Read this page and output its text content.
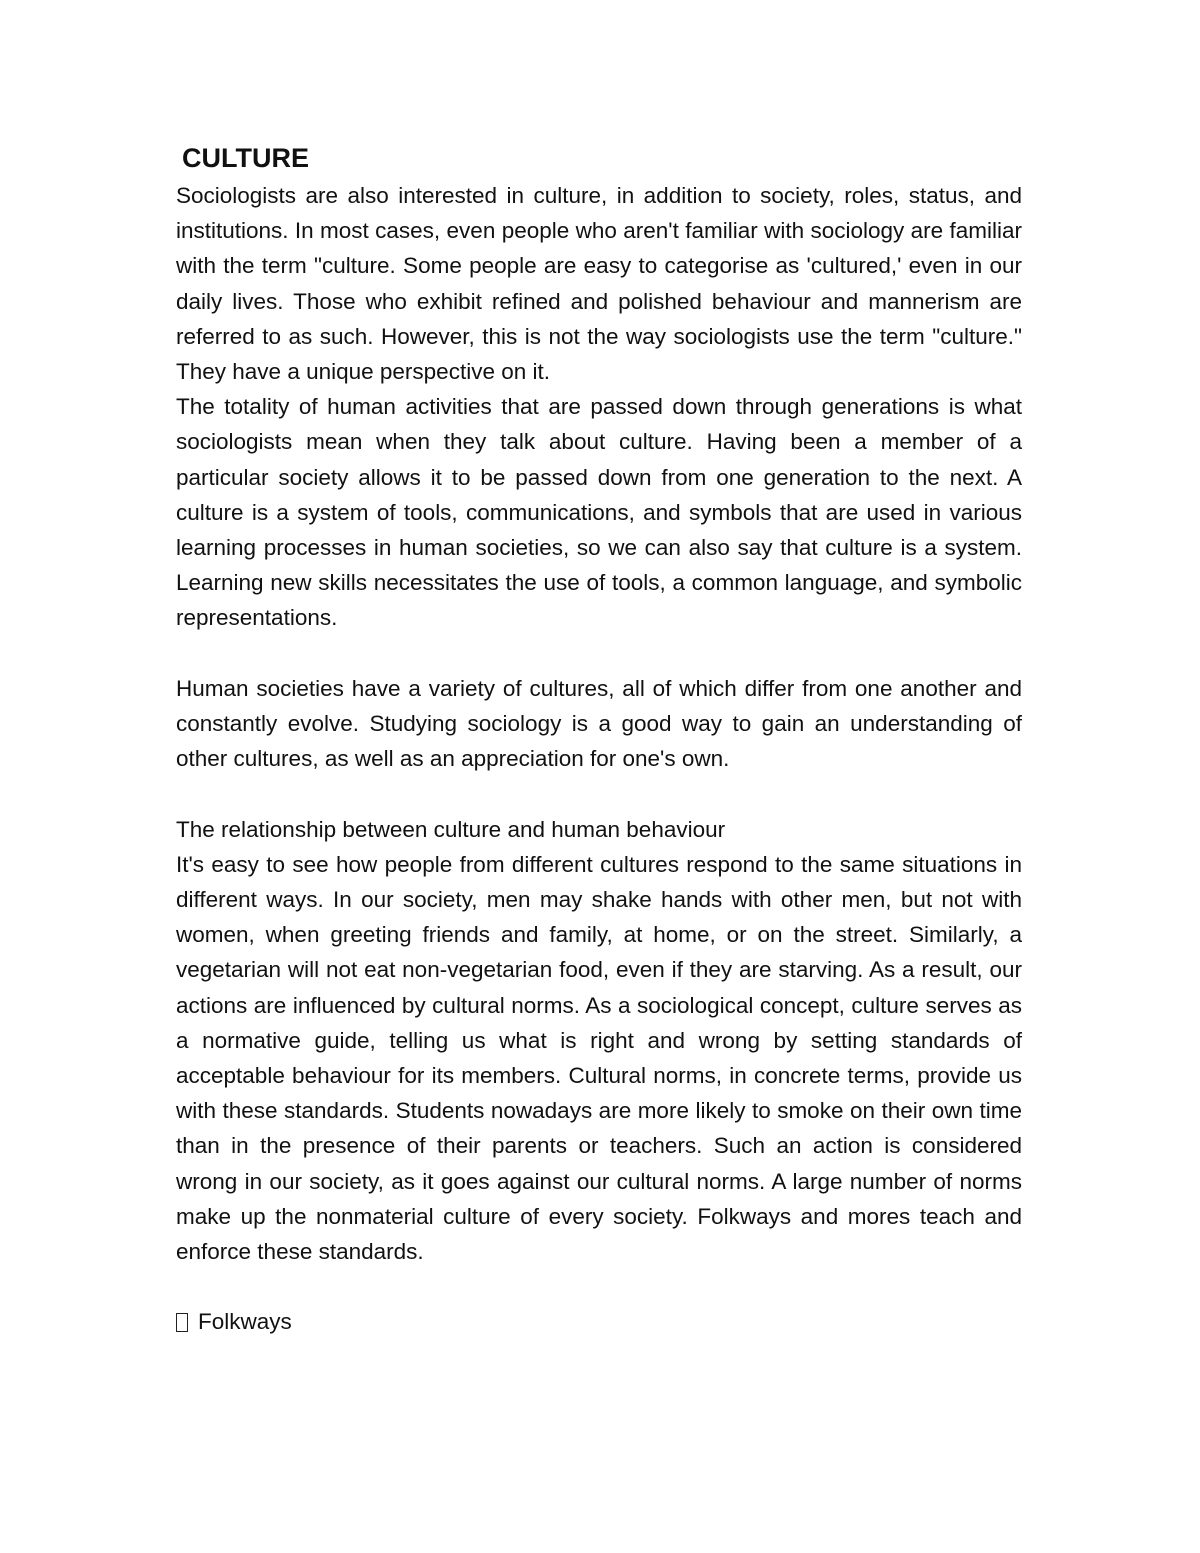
CULTURE

Sociologists are also interested in culture, in addition to society, roles, status, and institutions. In most cases, even people who aren't familiar with sociology are familiar with the term "culture. Some people are easy to categorise as 'cultured,' even in our daily lives. Those who exhibit refined and polished behaviour and mannerism are referred to as such. However, this is not the way sociologists use the term "culture." They have a unique perspective on it.

The totality of human activities that are passed down through generations is what sociologists mean when they talk about culture. Having been a member of a particular society allows it to be passed down from one generation to the next. A culture is a system of tools, communications, and symbols that are used in various learning processes in human societies, so we can also say that culture is a system. Learning new skills necessitates the use of tools, a common language, and symbolic representations.

Human societies have a variety of cultures, all of which differ from one another and constantly evolve. Studying sociology is a good way to gain an understanding of other cultures, as well as an appreciation for one's own.

The relationship between culture and human behaviour

It's easy to see how people from different cultures respond to the same situations in different ways. In our society, men may shake hands with other men, but not with women, when greeting friends and family, at home, or on the street. Similarly, a vegetarian will not eat non-vegetarian food, even if they are starving. As a result, our actions are influenced by cultural norms. As a sociological concept, culture serves as a normative guide, telling us what is right and wrong by setting standards of acceptable behaviour for its members. Cultural norms, in concrete terms, provide us with these standards. Students nowadays are more likely to smoke on their own time than in the presence of their parents or teachers. Such an action is considered wrong in our society, as it goes against our cultural norms. A large number of norms make up the nonmaterial culture of every society. Folkways and mores teach and enforce these standards.

Folkways
